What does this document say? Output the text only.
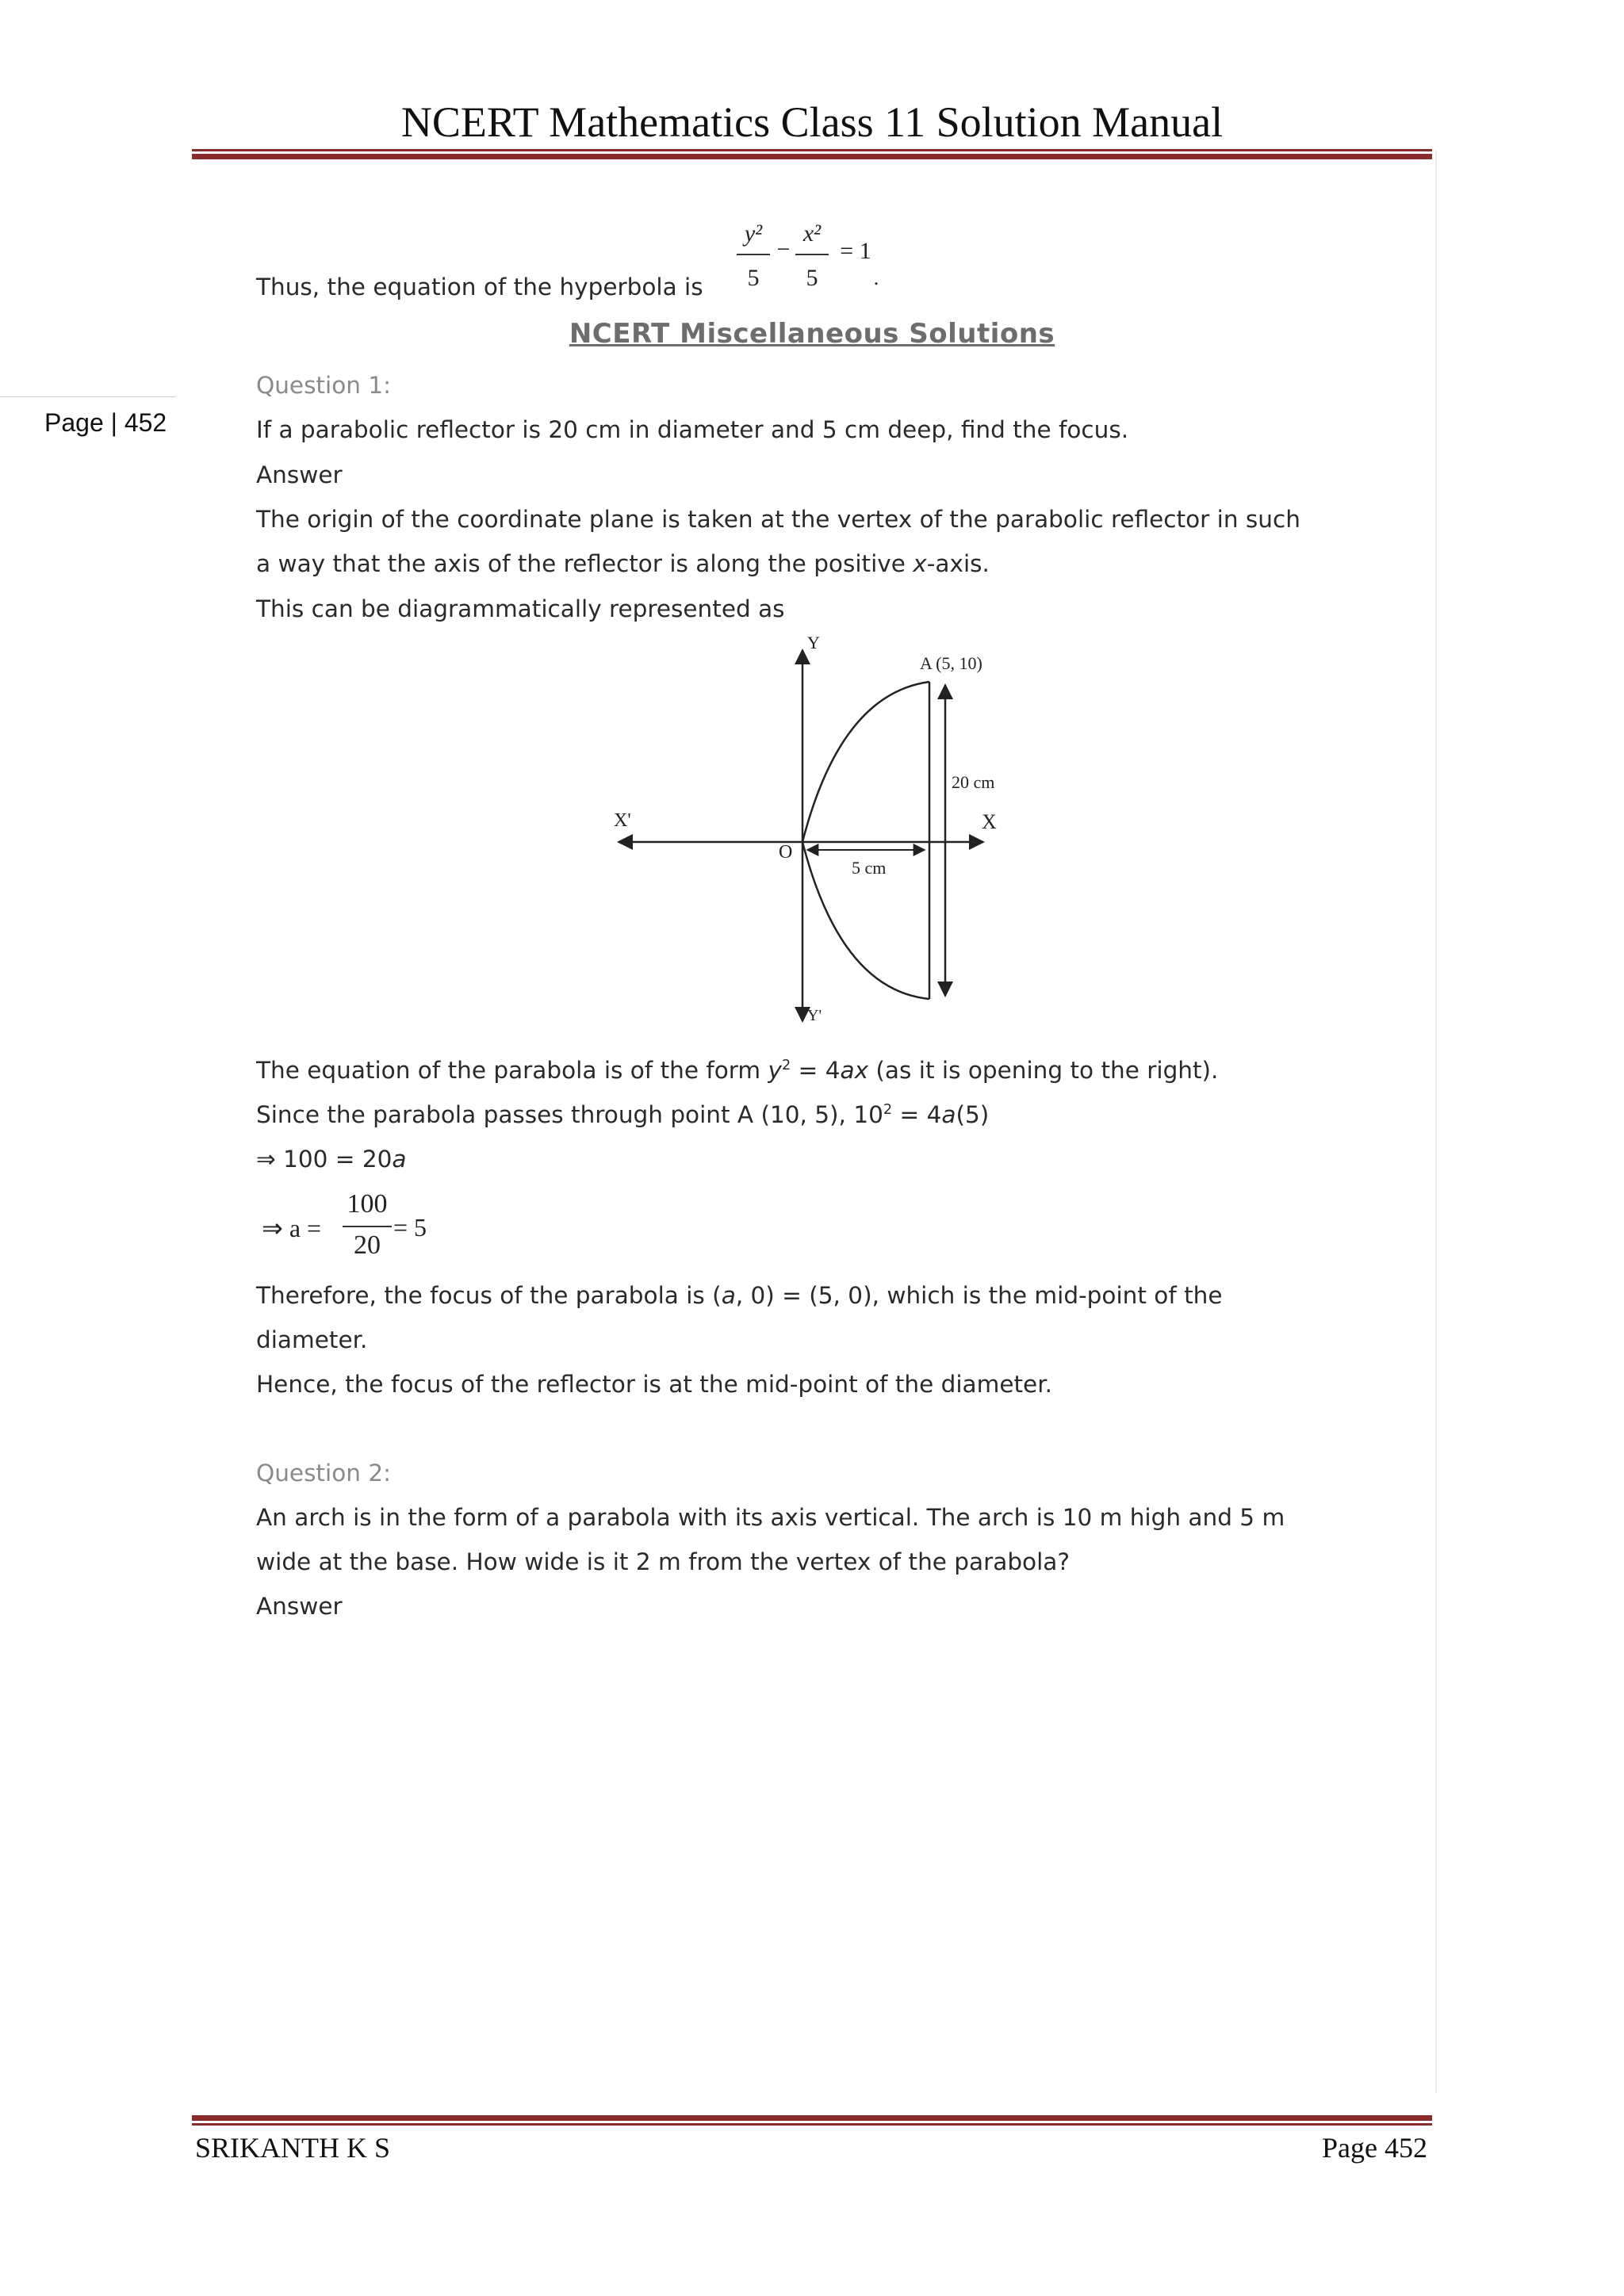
NCERT Mathematics Class 11 Solution Manual
Page | 452
Thus, the equation of the hyperbola is
y²
5
−
x²
5
= 1
.
NCERT Miscellaneous Solutions
Question 1:
If a parabolic reflector is 20 cm in diameter and 5 cm deep, find the focus.
Answer
The origin of the coordinate plane is taken at the vertex of the parabolic reflector in such
a way that the axis of the reflector is along the positive x-axis.
This can be diagrammatically represented as
Y
Y'
X
X'
O
A (5, 10)
20 cm
5 cm
The equation of the parabola is of the form $y^2 = 4ax$ (as it is opening to the right).
Since the parabola passes through point A (10, 5), $10^2 = 4a(5)$
⇒ 100 = 20a
⇒ a =
100
20
= 5
Therefore, the focus of the parabola is (a, 0) = (5, 0), which is the mid-point of the
diameter.
Hence, the focus of the reflector is at the mid-point of the diameter.
Question 2:
An arch is in the form of a parabola with its axis vertical. The arch is 10 m high and 5 m
wide at the base. How wide is it 2 m from the vertex of the parabola?
Answer
SRIKANTH K S	Page 452
